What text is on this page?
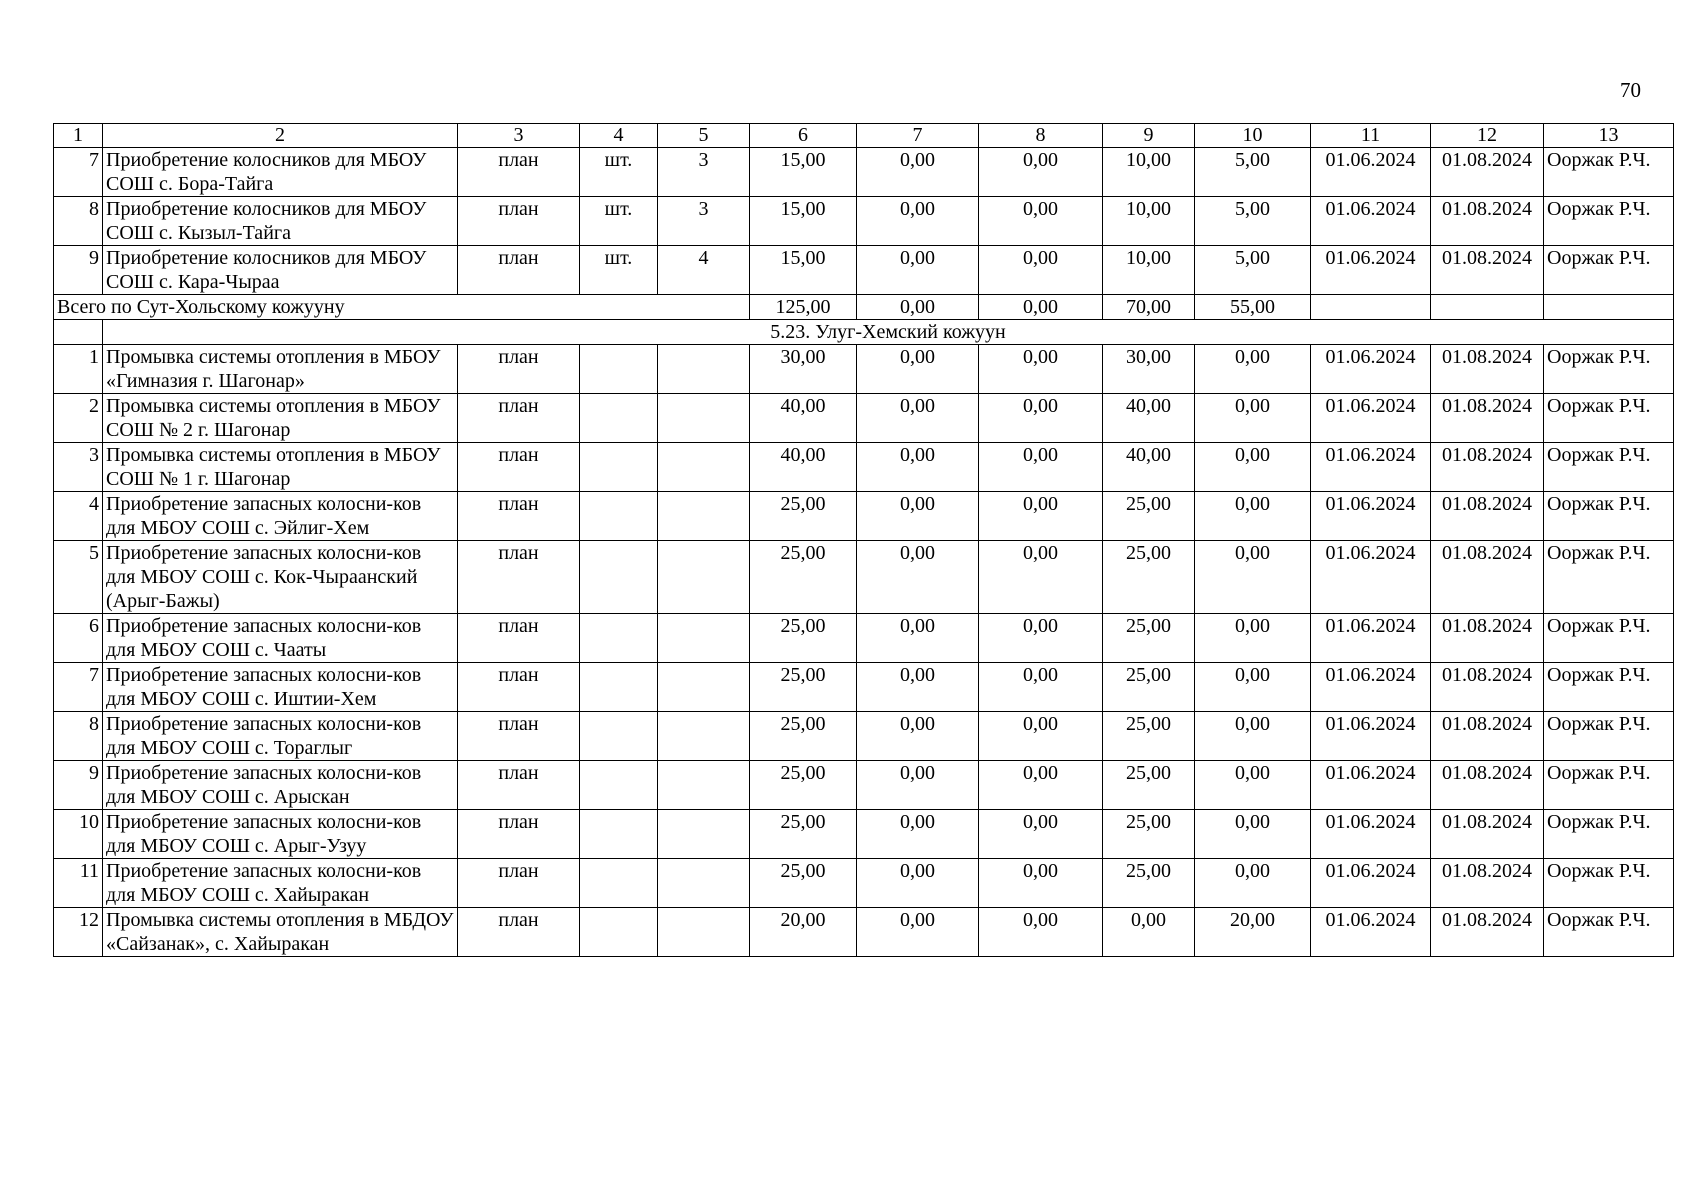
70
1	2	3	4	5	6	7	8	9	10	11	12	13
7	Приобретение колосников для МБОУ СОШ с. Бора-Тайга	план	шт.	3	15,00	0,00	0,00	10,00	5,00	01.06.2024	01.08.2024	Ооржак Р.Ч.
8	Приобретение колосников для МБОУ СОШ с. Кызыл-Тайга	план	шт.	3	15,00	0,00	0,00	10,00	5,00	01.06.2024	01.08.2024	Ооржак Р.Ч.
9	Приобретение колосников для МБОУ СОШ с. Кара-Чыраа	план	шт.	4	15,00	0,00	0,00	10,00	5,00	01.06.2024	01.08.2024	Ооржак Р.Ч.
Всего по Сут-Хольскому кожууну					125,00	0,00	0,00	70,00	55,00			
	5.23. Улуг-Хемский кожуун											
1	Промывка системы отопления в МБОУ «Гимназия г. Шагонар»	план			30,00	0,00	0,00	30,00	0,00	01.06.2024	01.08.2024	Ооржак Р.Ч.
2	Промывка системы отопления в МБОУ СОШ № 2 г. Шагонар	план			40,00	0,00	0,00	40,00	0,00	01.06.2024	01.08.2024	Ооржак Р.Ч.
3	Промывка системы отопления в МБОУ СОШ № 1 г. Шагонар	план			40,00	0,00	0,00	40,00	0,00	01.06.2024	01.08.2024	Ооржак Р.Ч.
4	Приобретение запасных колосни-ков для МБОУ СОШ с. Эйлиг-Хем	план			25,00	0,00	0,00	25,00	0,00	01.06.2024	01.08.2024	Ооржак Р.Ч.
5	Приобретение запасных колосни-ков для МБОУ СОШ с. Кок-Чыраанский (Арыг-Бажы)	план			25,00	0,00	0,00	25,00	0,00	01.06.2024	01.08.2024	Ооржак Р.Ч.
6	Приобретение запасных колосни-ков для МБОУ СОШ с. Чааты	план			25,00	0,00	0,00	25,00	0,00	01.06.2024	01.08.2024	Ооржак Р.Ч.
7	Приобретение запасных колосни-ков для МБОУ СОШ с. Иштии-Хем	план			25,00	0,00	0,00	25,00	0,00	01.06.2024	01.08.2024	Ооржак Р.Ч.
8	Приобретение запасных колосни-ков для МБОУ СОШ с. Тораглыг	план			25,00	0,00	0,00	25,00	0,00	01.06.2024	01.08.2024	Ооржак Р.Ч.
9	Приобретение запасных колосни-ков для МБОУ СОШ с. Арыскан	план			25,00	0,00	0,00	25,00	0,00	01.06.2024	01.08.2024	Ооржак Р.Ч.
10	Приобретение запасных колосни-ков для МБОУ СОШ с. Арыг-Узуу	план			25,00	0,00	0,00	25,00	0,00	01.06.2024	01.08.2024	Ооржак Р.Ч.
11	Приобретение запасных колосни-ков для МБОУ СОШ с. Хайыракан	план			25,00	0,00	0,00	25,00	0,00	01.06.2024	01.08.2024	Ооржак Р.Ч.
12	Промывка системы отопления в МБДОУ «Сайзанак», с. Хайыракан	план			20,00	0,00	0,00	0,00	20,00	01.06.2024	01.08.2024	Ооржак Р.Ч.
